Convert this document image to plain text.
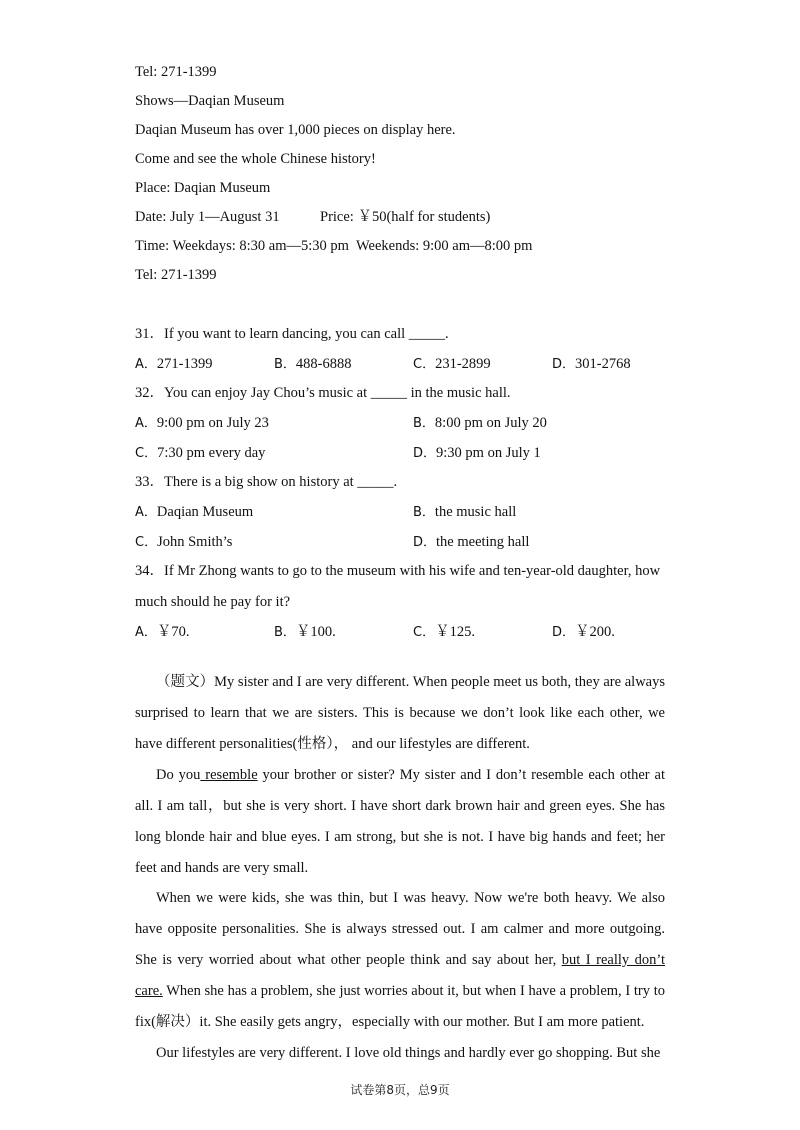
Tel: 271-1399
Shows—Daqian Museum
Daqian Museum has over 1,000 pieces on display here.
Come and see the whole Chinese history!
Place: Daqian Museum
Date: July 1—August 31	Price: ￥50(half for students)
Time: Weekdays: 8:30 am—5:30 pm Weekends: 9:00 am—8:00 pm
Tel: 271-1399
31．If you want to learn dancing, you can call _____.
A．271-1399	B．488-6888	C．231-2899	D．301-2768
32．You can enjoy Jay Chou’s music at _____ in the music hall.
A．9:00 pm on July 23	B．8:00 pm on July 20
C．7:30 pm every day	D．9:30 pm on July 1
33．There is a big show on history at _____.
A．Daqian Museum	B．the music hall
C．John Smith’s	D．the meeting hall
34．If Mr Zhong wants to go to the museum with his wife and ten-year-old daughter, how
much should he pay for it?
A．￥70.	B．￥100.	C．￥125.	D．￥200.
（题文）My sister and I are very different. When people meet us both, they are always surprised to learn that we are sisters. This is because we don’t look like each other, we have different personalities(性格）， and our lifestyles are different.
Do you resemble your brother or sister? My sister and I don’t resemble each other at all. I am tall，but she is very short. I have short dark brown hair and green eyes. She has long blonde hair and blue eyes. I am strong, but she is not. I have big hands and feet; her feet and hands are very small.
When we were kids, she was thin, but I was heavy. Now we're both heavy. We also have opposite personalities. She is always stressed out. I am calmer and more outgoing. She is very worried about what other people think and say about her, but I really don’t care. When she has a problem, she just worries about it, but when I have a problem, I try to fix(解决）it. She easily gets angry，especially with our mother. But I am more patient.
Our lifestyles are very different. I love old things and hardly ever go shopping. But she
试卷第8页，总9页
